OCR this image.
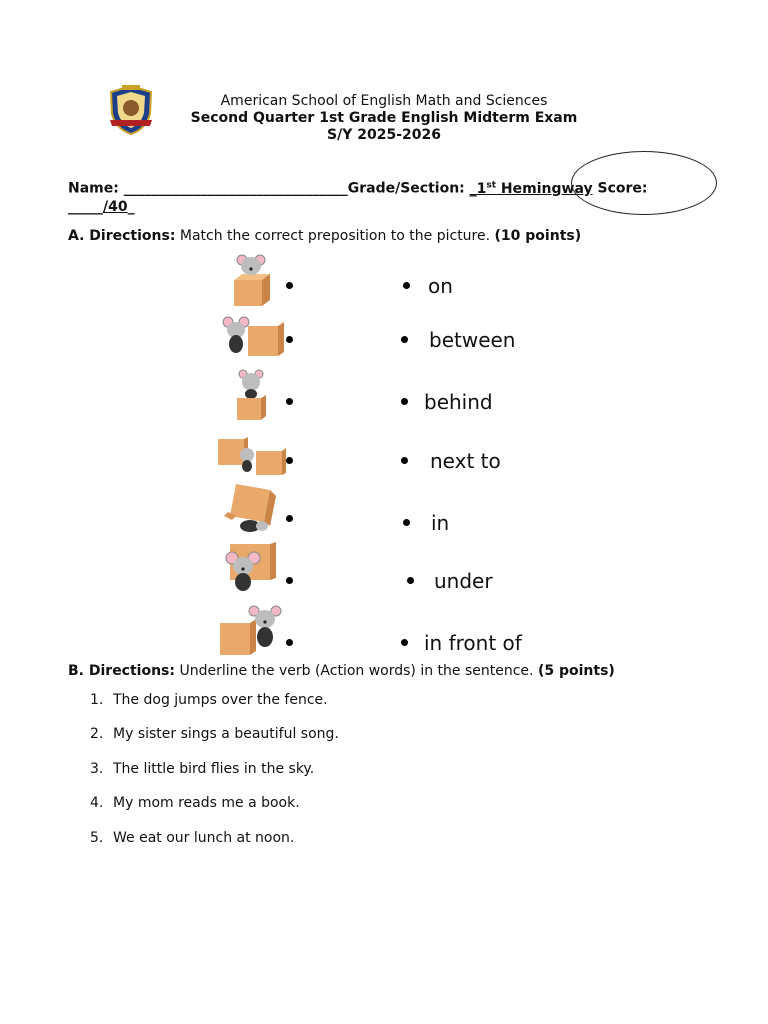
American School of English Math and Sciences
Second Quarter 1st Grade English Midterm Exam
S/Y 2025-2026
Name: ________________________________Grade/Section: _1st Hemingway Score:
_____/40_
A. Directions: Match the correct preposition to the picture. (10 points)
on
between
behind
next to
in
under
in front of
B. Directions: Underline the verb (Action words) in the sentence. (5 points)
1. The dog jumps over the fence.
2. My sister sings a beautiful song.
3. The little bird flies in the sky.
4. My mom reads me a book.
5. We eat our lunch at noon.
